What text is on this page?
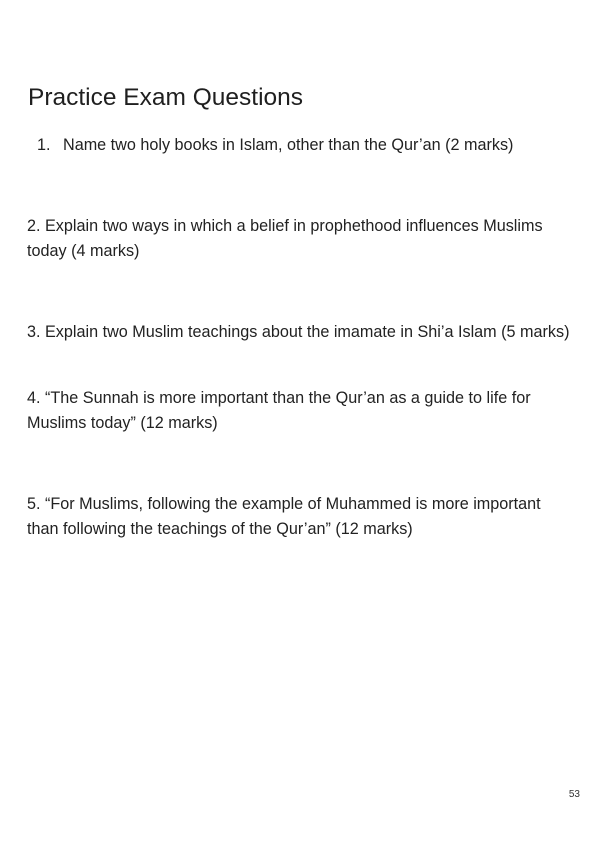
Practice Exam Questions

1. Name two holy books in Islam, other than the Qur’an (2 marks)

2. Explain two ways in which a belief in prophethood influences Muslims today (4 marks)

3. Explain two Muslim teachings about the imamate in Shi’a Islam (5 marks)

4. “The Sunnah is more important than the Qur’an as a guide to life for Muslims today” (12 marks)

5. “For Muslims, following the example of Muhammed is more important than following the teachings of the Qur’an” (12 marks)

53
